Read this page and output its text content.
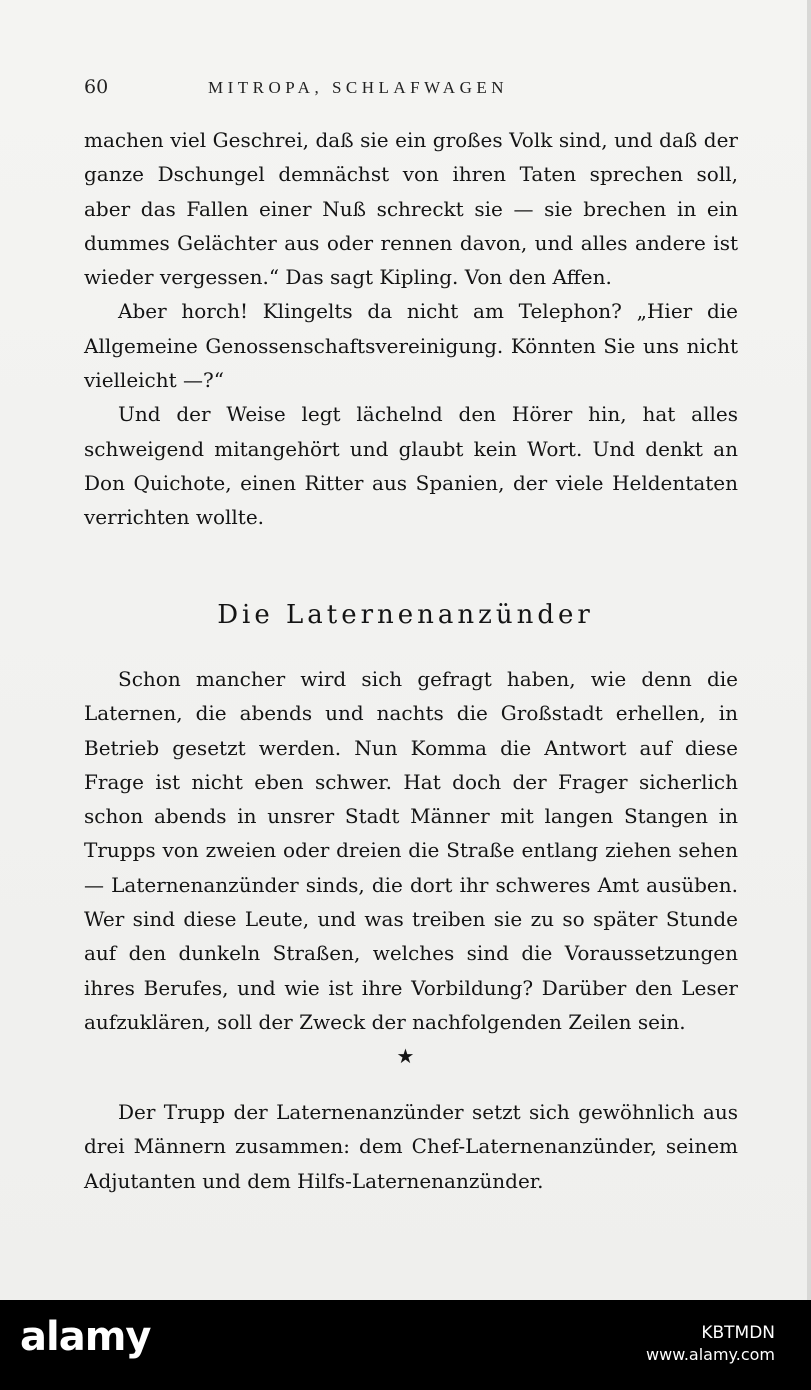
60	MITROPA, SCHLAFWAGEN

machen viel Geschrei, daß sie ein großes Volk sind, und daß der ganze Dschungel demnächst von ihren Taten sprechen soll, aber das Fallen einer Nuß schreckt sie — sie brechen in ein dummes Gelächter aus oder rennen davon, und alles andere ist wieder vergessen.“ Das sagt Kipling. Von den Affen.

Aber horch! Klingelts da nicht am Telephon? „Hier die Allgemeine Genossenschaftsvereinigung. Könnten Sie uns nicht vielleicht —?“

Und der Weise legt lächelnd den Hörer hin, hat alles schweigend mitangehört und glaubt kein Wort. Und denkt an Don Quichote, einen Ritter aus Spanien, der viele Heldentaten verrichten wollte.

Die Laternenanzünder

Schon mancher wird sich gefragt haben, wie denn die Laternen, die abends und nachts die Großstadt erhellen, in Betrieb gesetzt werden. Nun Komma die Antwort auf diese Frage ist nicht eben schwer. Hat doch der Frager sicherlich schon abends in unsrer Stadt Männer mit langen Stangen in Trupps von zweien oder dreien die Straße entlang ziehen sehen — Laternenanzünder sinds, die dort ihr schweres Amt ausüben. Wer sind diese Leute, und was treiben sie zu so später Stunde auf den dunkeln Straßen, welches sind die Voraussetzungen ihres Berufes, und wie ist ihre Vorbildung? Darüber den Leser aufzuklären, soll der Zweck der nachfolgenden Zeilen sein.

★

Der Trupp der Laternenanzünder setzt sich gewöhnlich aus drei Männern zusammen: dem Chef-Laternenanzünder, seinem Adjutanten und dem Hilfs-Laternenanzünder.

alamy	KBTMDN
www.alamy.com
